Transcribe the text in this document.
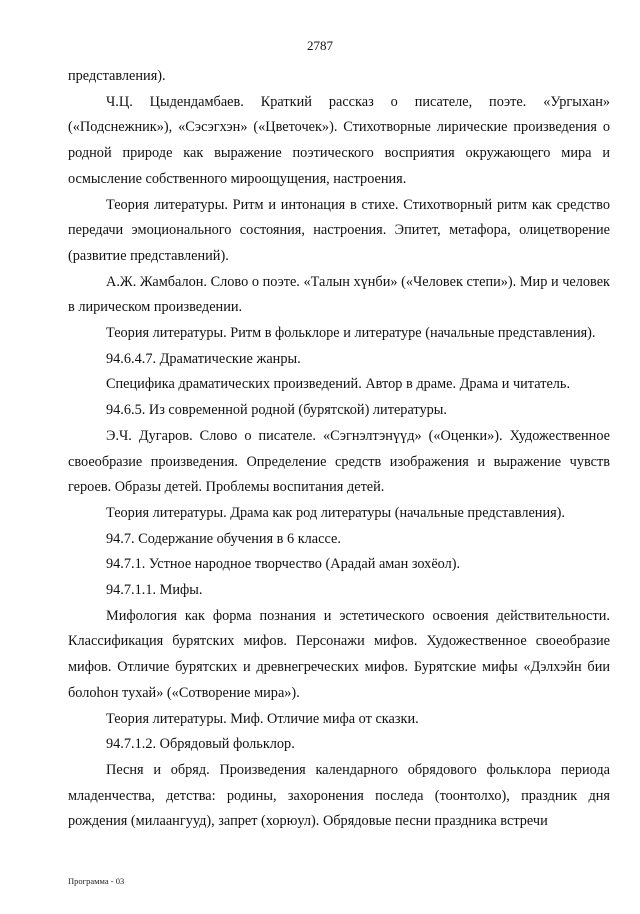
2787

представления).

Ч.Ц. Цыдендамбаев. Краткий рассказ о писателе, поэте. «Ургыхан» («Подснежник»), «Сэсэгхэн» («Цветочек»). Стихотворные лирические произведения о родной природе как выражение поэтического восприятия окружающего мира и осмысление собственного мироощущения, настроения.

Теория литературы. Ритм и интонация в стихе. Стихотворный ритм как средство передачи эмоционального состояния, настроения. Эпитет, метафора, олицетворение (развитие представлений).

А.Ж. Жамбалон. Слово о поэте. «Талын хүнби» («Человек степи»). Мир и человек в лирическом произведении.

Теория литературы. Ритм в фольклоре и литературе (начальные представления).

94.6.4.7. Драматические жанры.

Специфика драматических произведений. Автор в драме. Драма и читатель.

94.6.5. Из современной родной (бурятской) литературы.

Э.Ч. Дугаров. Слово о писателе. «Сэгнэлтэнүүд» («Оценки»). Художественное своеобразие произведения. Определение средств изображения и выражение чувств героев. Образы детей. Проблемы воспитания детей.

Теория литературы. Драма как род литературы (начальные представления).

94.7. Содержание обучения в 6 классе.

94.7.1. Устное народное творчество (Арадай аман зохёол).

94.7.1.1. Мифы.

Мифология как форма познания и эстетического освоения действительности. Классификация бурятских мифов. Персонажи мифов. Художественное своеобразие мифов. Отличие бурятских и древнегреческих мифов. Бурятские мифы «Дэлхэйн бии болоһон тухай» («Сотворение мира»).

Теория литературы. Миф. Отличие мифа от сказки.

94.7.1.2. Обрядовый фольклор.

Песня и обряд. Произведения календарного обрядового фольклора периода младенчества, детства: родины, захоронения последа (тоонтолхо), праздник дня рождения (милаангууд), запрет (хорюул). Обрядовые песни праздника встречи

Программа - 03
